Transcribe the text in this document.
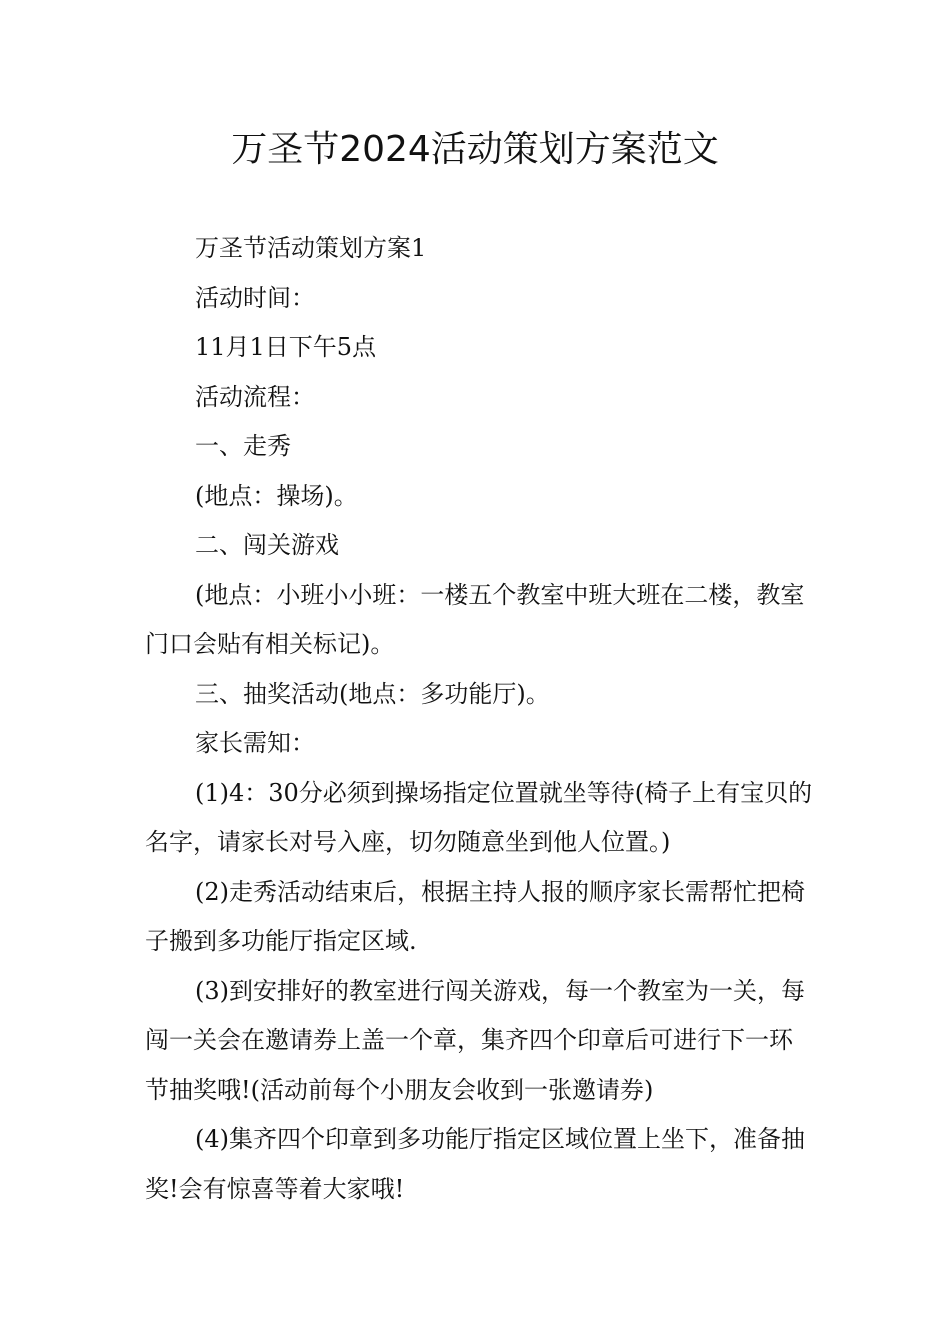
万圣节2024活动策划方案范文

万圣节活动策划方案1

活动时间：

11月1日下午5点

活动流程：

一、走秀

(地点：操场)。

二、闯关游戏

(地点：小班小小班：一楼五个教室中班大班在二楼，教室门口会贴有相关标记)。

三、抽奖活动(地点：多功能厅)。

家长需知：

(1)4：30分必须到操场指定位置就坐等待(椅子上有宝贝的名字，请家长对号入座，切勿随意坐到他人位置。)

(2)走秀活动结束后，根据主持人报的顺序家长需帮忙把椅子搬到多功能厅指定区域.

(3)到安排好的教室进行闯关游戏，每一个教室为一关，每闯一关会在邀请券上盖一个章，集齐四个印章后可进行下一环节抽奖哦!(活动前每个小朋友会收到一张邀请券)

(4)集齐四个印章到多功能厅指定区域位置上坐下，准备抽奖!会有惊喜等着大家哦!
